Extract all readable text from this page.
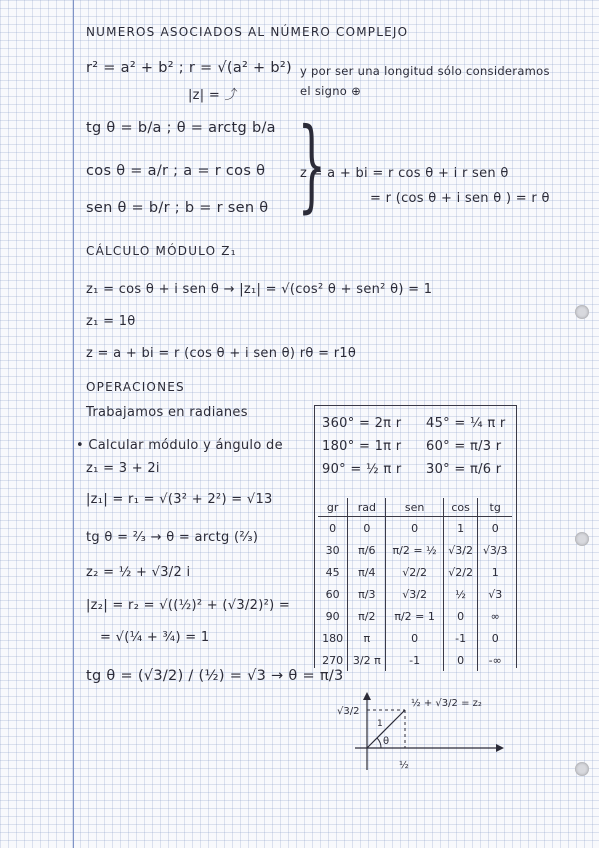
NUMEROS ASOCIADOS AL NÚMERO COMPLEJO
r² = a² + b² ; r = √(a² + b²)
|z| = ⤴
y por ser una longitud sólo consideramos
el signo ⊕
tg θ = b/a ; θ = arctg b/a
cos θ = a/r ; a = r cos θ
sen θ = b/r ; b = r sen θ }
z = a + bi = r cos θ + i r sen θ
= r (cos θ + i sen θ ) = r θ
CÁLCULO MÓDULO Z₁
z₁ = cos θ + i sen θ → |z₁| = √(cos² θ + sen² θ) = 1
z₁ = 1θ
z = a + bi = r (cos θ + i sen θ) rθ = r1θ
OPERACIONES
Trabajamos en radianes
• Calcular módulo y ángulo de
z₁ = 3 + 2i
|z₁| = r₁ = √(3² + 2²) = √13
tg θ = ²⁄₃ → θ = arctg (²⁄₃)
z₂ = ½ + √3/2 i
|z₂| = r₂ = √((½)² + (√3/2)²) =
= √(¼ + ¾) = 1
tg θ = (√3/2) / (½) = √3 → θ = π/3
360° = 2π r 45° = ¼ π r
180° = 1π r 60° = π/3 r
90° = ½ π r 30° = π/6 r
gr	rad	sen	cos	tg
0	0	0	1	0
30	π/6	π/2 = ½	√3/2	√3/3
45	π/4	√2/2	√2/2	1
60	π/3	√3/2	½	√3
90	π/2	π/2 = 1	0	∞
180	π	0	-1	0
270	3/2 π	-1	0	-∞
√3/2
½
½ + √3/2 = z₂
1
θ
